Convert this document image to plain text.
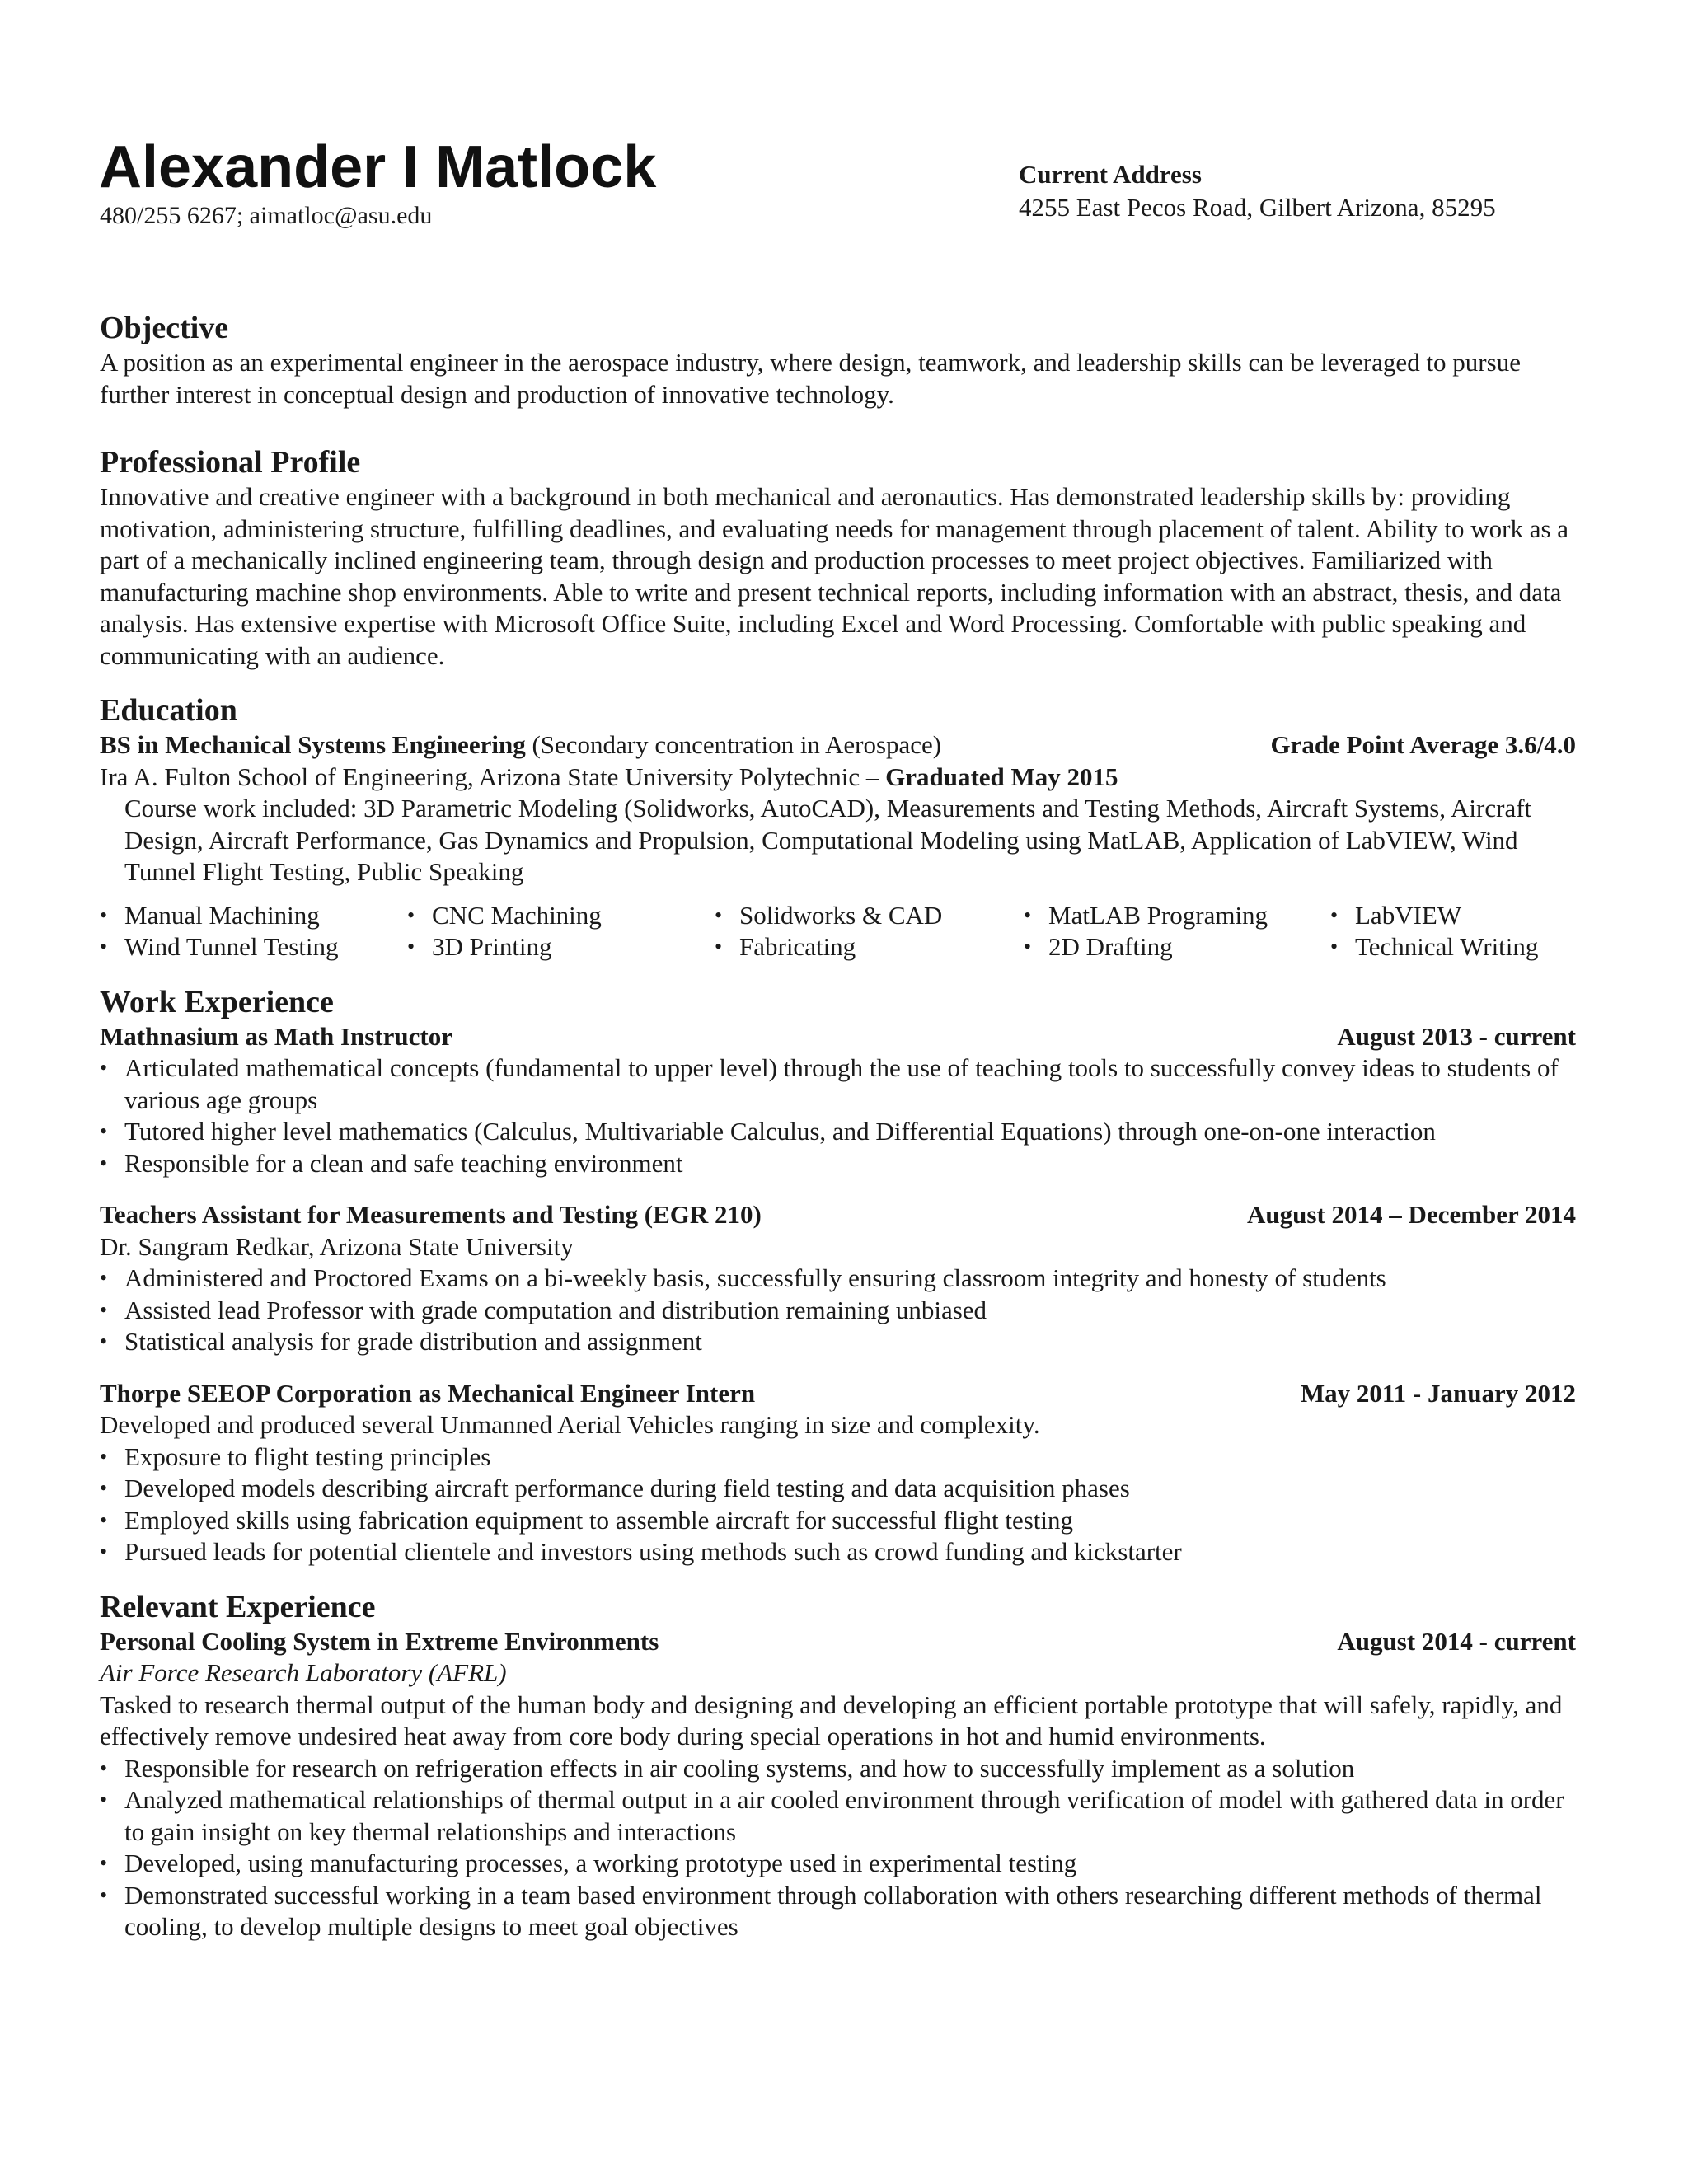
Alexander I Matlock
480/255 6267; aimatloc@asu.edu
Current Address
4255 East Pecos Road, Gilbert Arizona, 85295
Objective

A position as an experimental engineer in the aerospace industry, where design, teamwork, and leadership skills can be leveraged to pursue further interest in conceptual design and production of innovative technology.

Professional Profile

Innovative and creative engineer with a background in both mechanical and aeronautics. Has demonstrated leadership skills by: providing motivation, administering structure, fulfilling deadlines, and evaluating needs for management through placement of talent. Ability to work as a part of a mechanically inclined engineering team, through design and production processes to meet project objectives. Familiarized with manufacturing machine shop environments. Able to write and present technical reports, including information with an abstract, thesis, and data analysis. Has extensive expertise with Microsoft Office Suite, including Excel and Word Processing. Comfortable with public speaking and communicating with an audience.

Education
BS in Mechanical Systems Engineering (Secondary concentration in Aerospace)	Grade Point Average 3.6/4.0
Ira A. Fulton School of Engineering, Arizona State University Polytechnic – Graduated May 2015

Course work included: 3D Parametric Modeling (Solidworks, AutoCAD), Measurements and Testing Methods, Aircraft Systems, Aircraft Design, Aircraft Performance, Gas Dynamics and Propulsion, Computational Modeling using MatLAB, Application of LabVIEW, Wind Tunnel Flight Testing, Public Speaking

• Manual Machining	• CNC Machining	• Solidworks & CAD	• MatLAB Programing	• LabVIEW
• Wind Tunnel Testing	• 3D Printing	• Fabricating	• 2D Drafting	• Technical Writing
Work Experience
Mathnasium as Math Instructor	August 2013 - current
• Articulated mathematical concepts (fundamental to upper level) through the use of teaching tools to successfully convey ideas to students of various age groups
• Tutored higher level mathematics (Calculus, Multivariable Calculus, and Differential Equations) through one-on-one interaction
• Responsible for a clean and safe teaching environment
Teachers Assistant for Measurements and Testing (EGR 210)	August 2014 – December 2014
Dr. Sangram Redkar, Arizona State University
• Administered and Proctored Exams on a bi-weekly basis, successfully ensuring classroom integrity and honesty of students
• Assisted lead Professor with grade computation and distribution remaining unbiased
• Statistical analysis for grade distribution and assignment
Thorpe SEEOP Corporation as Mechanical Engineer Intern	May 2011 - January 2012
Developed and produced several Unmanned Aerial Vehicles ranging in size and complexity.
• Exposure to flight testing principles
• Developed models describing aircraft performance during field testing and data acquisition phases
• Employed skills using fabrication equipment to assemble aircraft for successful flight testing
• Pursued leads for potential clientele and investors using methods such as crowd funding and kickstarter
Relevant Experience
Personal Cooling System in Extreme Environments	August 2014 - current
Air Force Research Laboratory (AFRL)

Tasked to research thermal output of the human body and designing and developing an efficient portable prototype that will safely, rapidly, and effectively remove undesired heat away from core body during special operations in hot and humid environments.

• Responsible for research on refrigeration effects in air cooling systems, and how to successfully implement as a solution
• Analyzed mathematical relationships of thermal output in a air cooled environment through verification of model with gathered data in order to gain insight on key thermal relationships and interactions
• Developed, using manufacturing processes, a working prototype used in experimental testing
• Demonstrated successful working in a team based environment through collaboration with others researching different methods of thermal cooling, to develop multiple designs to meet goal objectives
